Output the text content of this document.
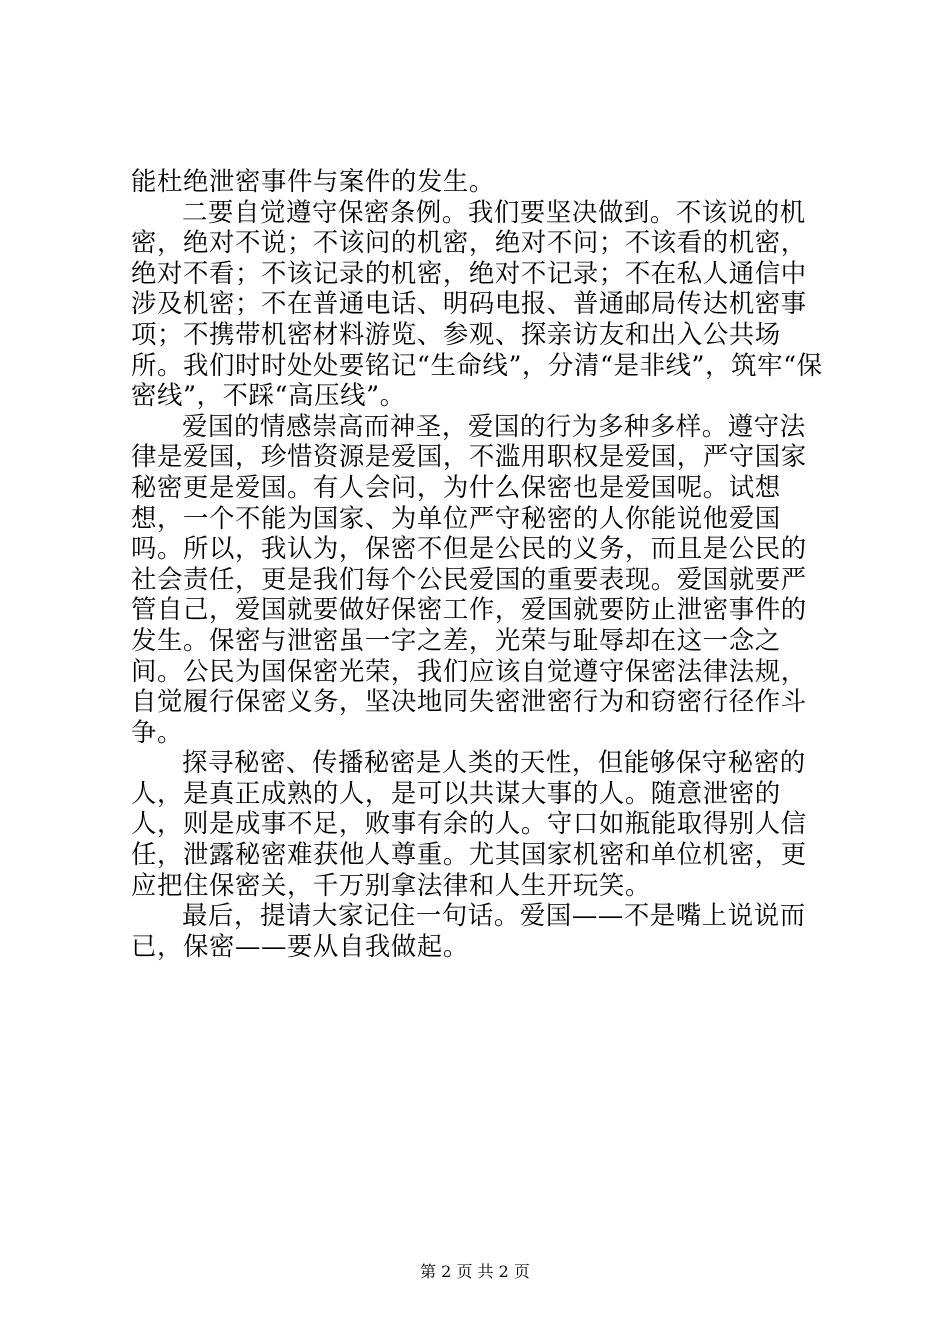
能杜绝泄密事件与案件的发生。

二要自觉遵守保密条例。我们要坚决做到。不该说的机密，绝对不说；不该问的机密，绝对不问；不该看的机密，绝对不看；不该记录的机密，绝对不记录；不在私人通信中涉及机密；不在普通电话、明码电报、普通邮局传达机密事项；不携带机密材料游览、参观、探亲访友和出入公共场所。我们时时处处要铭记“生命线”，分清“是非线”，筑牢“保密线”，不踩“高压线”。

爱国的情感崇高而神圣，爱国的行为多种多样。遵守法律是爱国，珍惜资源是爱国，不滥用职权是爱国，严守国家秘密更是爱国。有人会问，为什么保密也是爱国呢。试想想，一个不能为国家、为单位严守秘密的人你能说他爱国吗。所以，我认为，保密不但是公民的义务，而且是公民的社会责任，更是我们每个公民爱国的重要表现。爱国就要严管自己，爱国就要做好保密工作，爱国就要防止泄密事件的发生。保密与泄密虽一字之差，光荣与耻辱却在这一念之间。公民为国保密光荣，我们应该自觉遵守保密法律法规，自觉履行保密义务，坚决地同失密泄密行为和窃密行径作斗争。

探寻秘密、传播秘密是人类的天性，但能够保守秘密的人，是真正成熟的人，是可以共谋大事的人。随意泄密的人，则是成事不足，败事有余的人。守口如瓶能取得别人信任，泄露秘密难获他人尊重。尤其国家机密和单位机密，更应把住保密关，千万别拿法律和人生开玩笑。

最后，提请大家记住一句话。爱国——不是嘴上说说而已，保密——要从自我做起。

第 2 页 共 2 页
